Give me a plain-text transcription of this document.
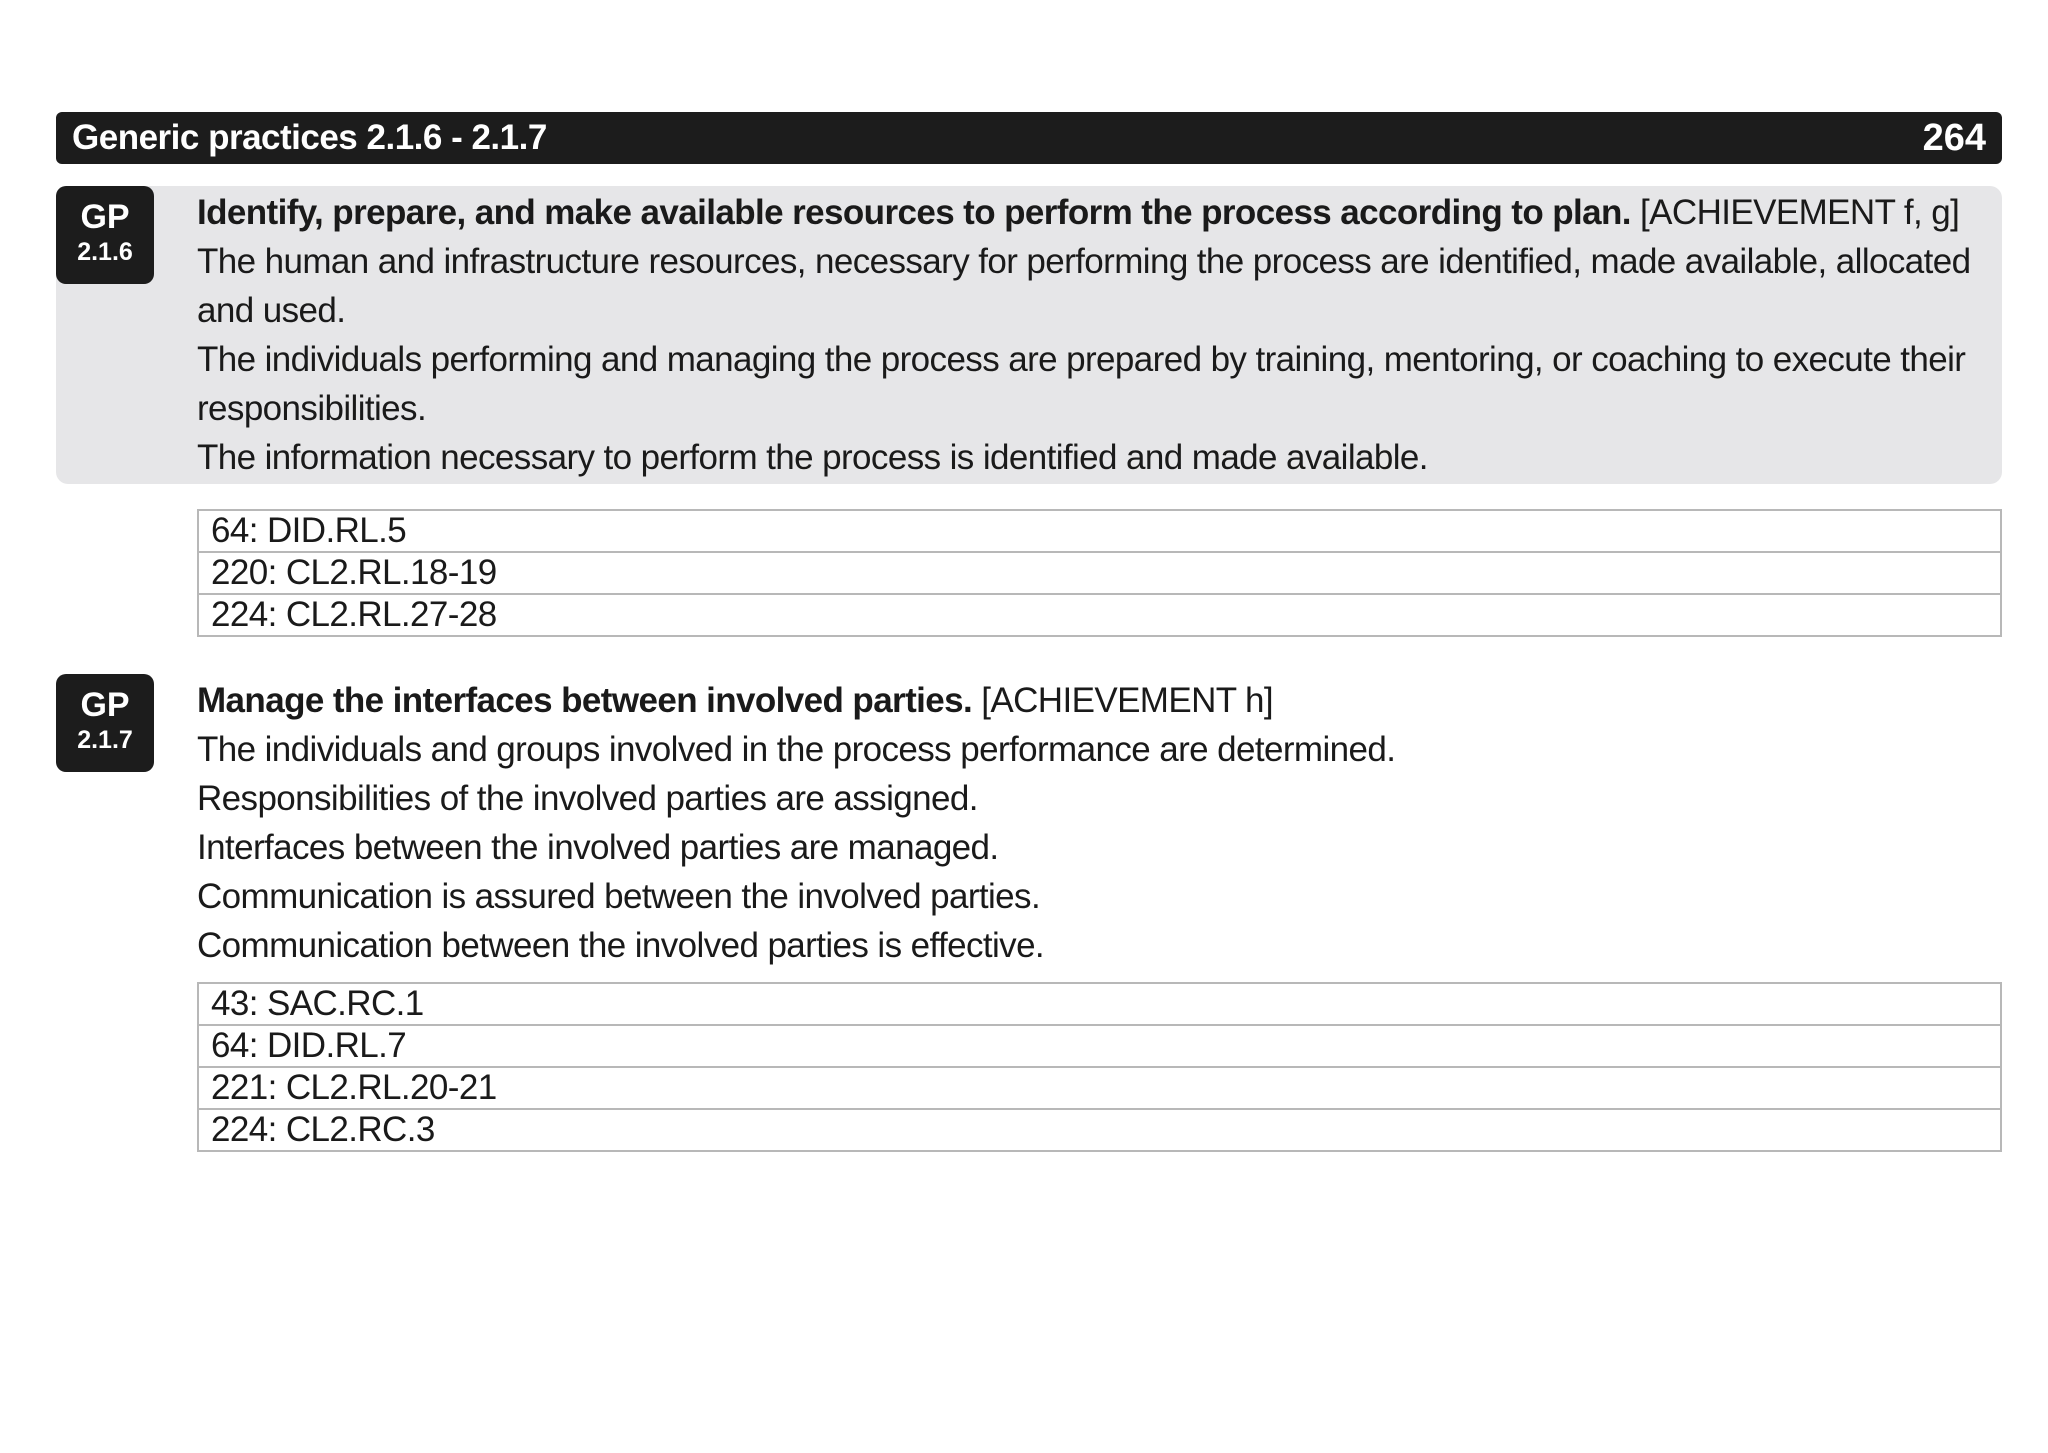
Generic practices 2.1.6 - 2.1.7	264
GP
2.1.6
Identify, prepare, and make available resources to perform the process according to plan. [ACHIEVEMENT f, g]
The human and infrastructure resources, necessary for performing the process are identified, made available, allocated
and used.
The individuals performing and managing the process are prepared by training, mentoring, or coaching to execute their
responsibilities.
The information necessary to perform the process is identified and made available.
64: DID.RL.5
220: CL2.RL.18-19
224: CL2.RL.27-28
GP
2.1.7
Manage the interfaces between involved parties. [ACHIEVEMENT h]
The individuals and groups involved in the process performance are determined.
Responsibilities of the involved parties are assigned.
Interfaces between the involved parties are managed.
Communication is assured between the involved parties.
Communication between the involved parties is effective.
43: SAC.RC.1
64: DID.RL.7
221: CL2.RL.20-21
224: CL2.RC.3
